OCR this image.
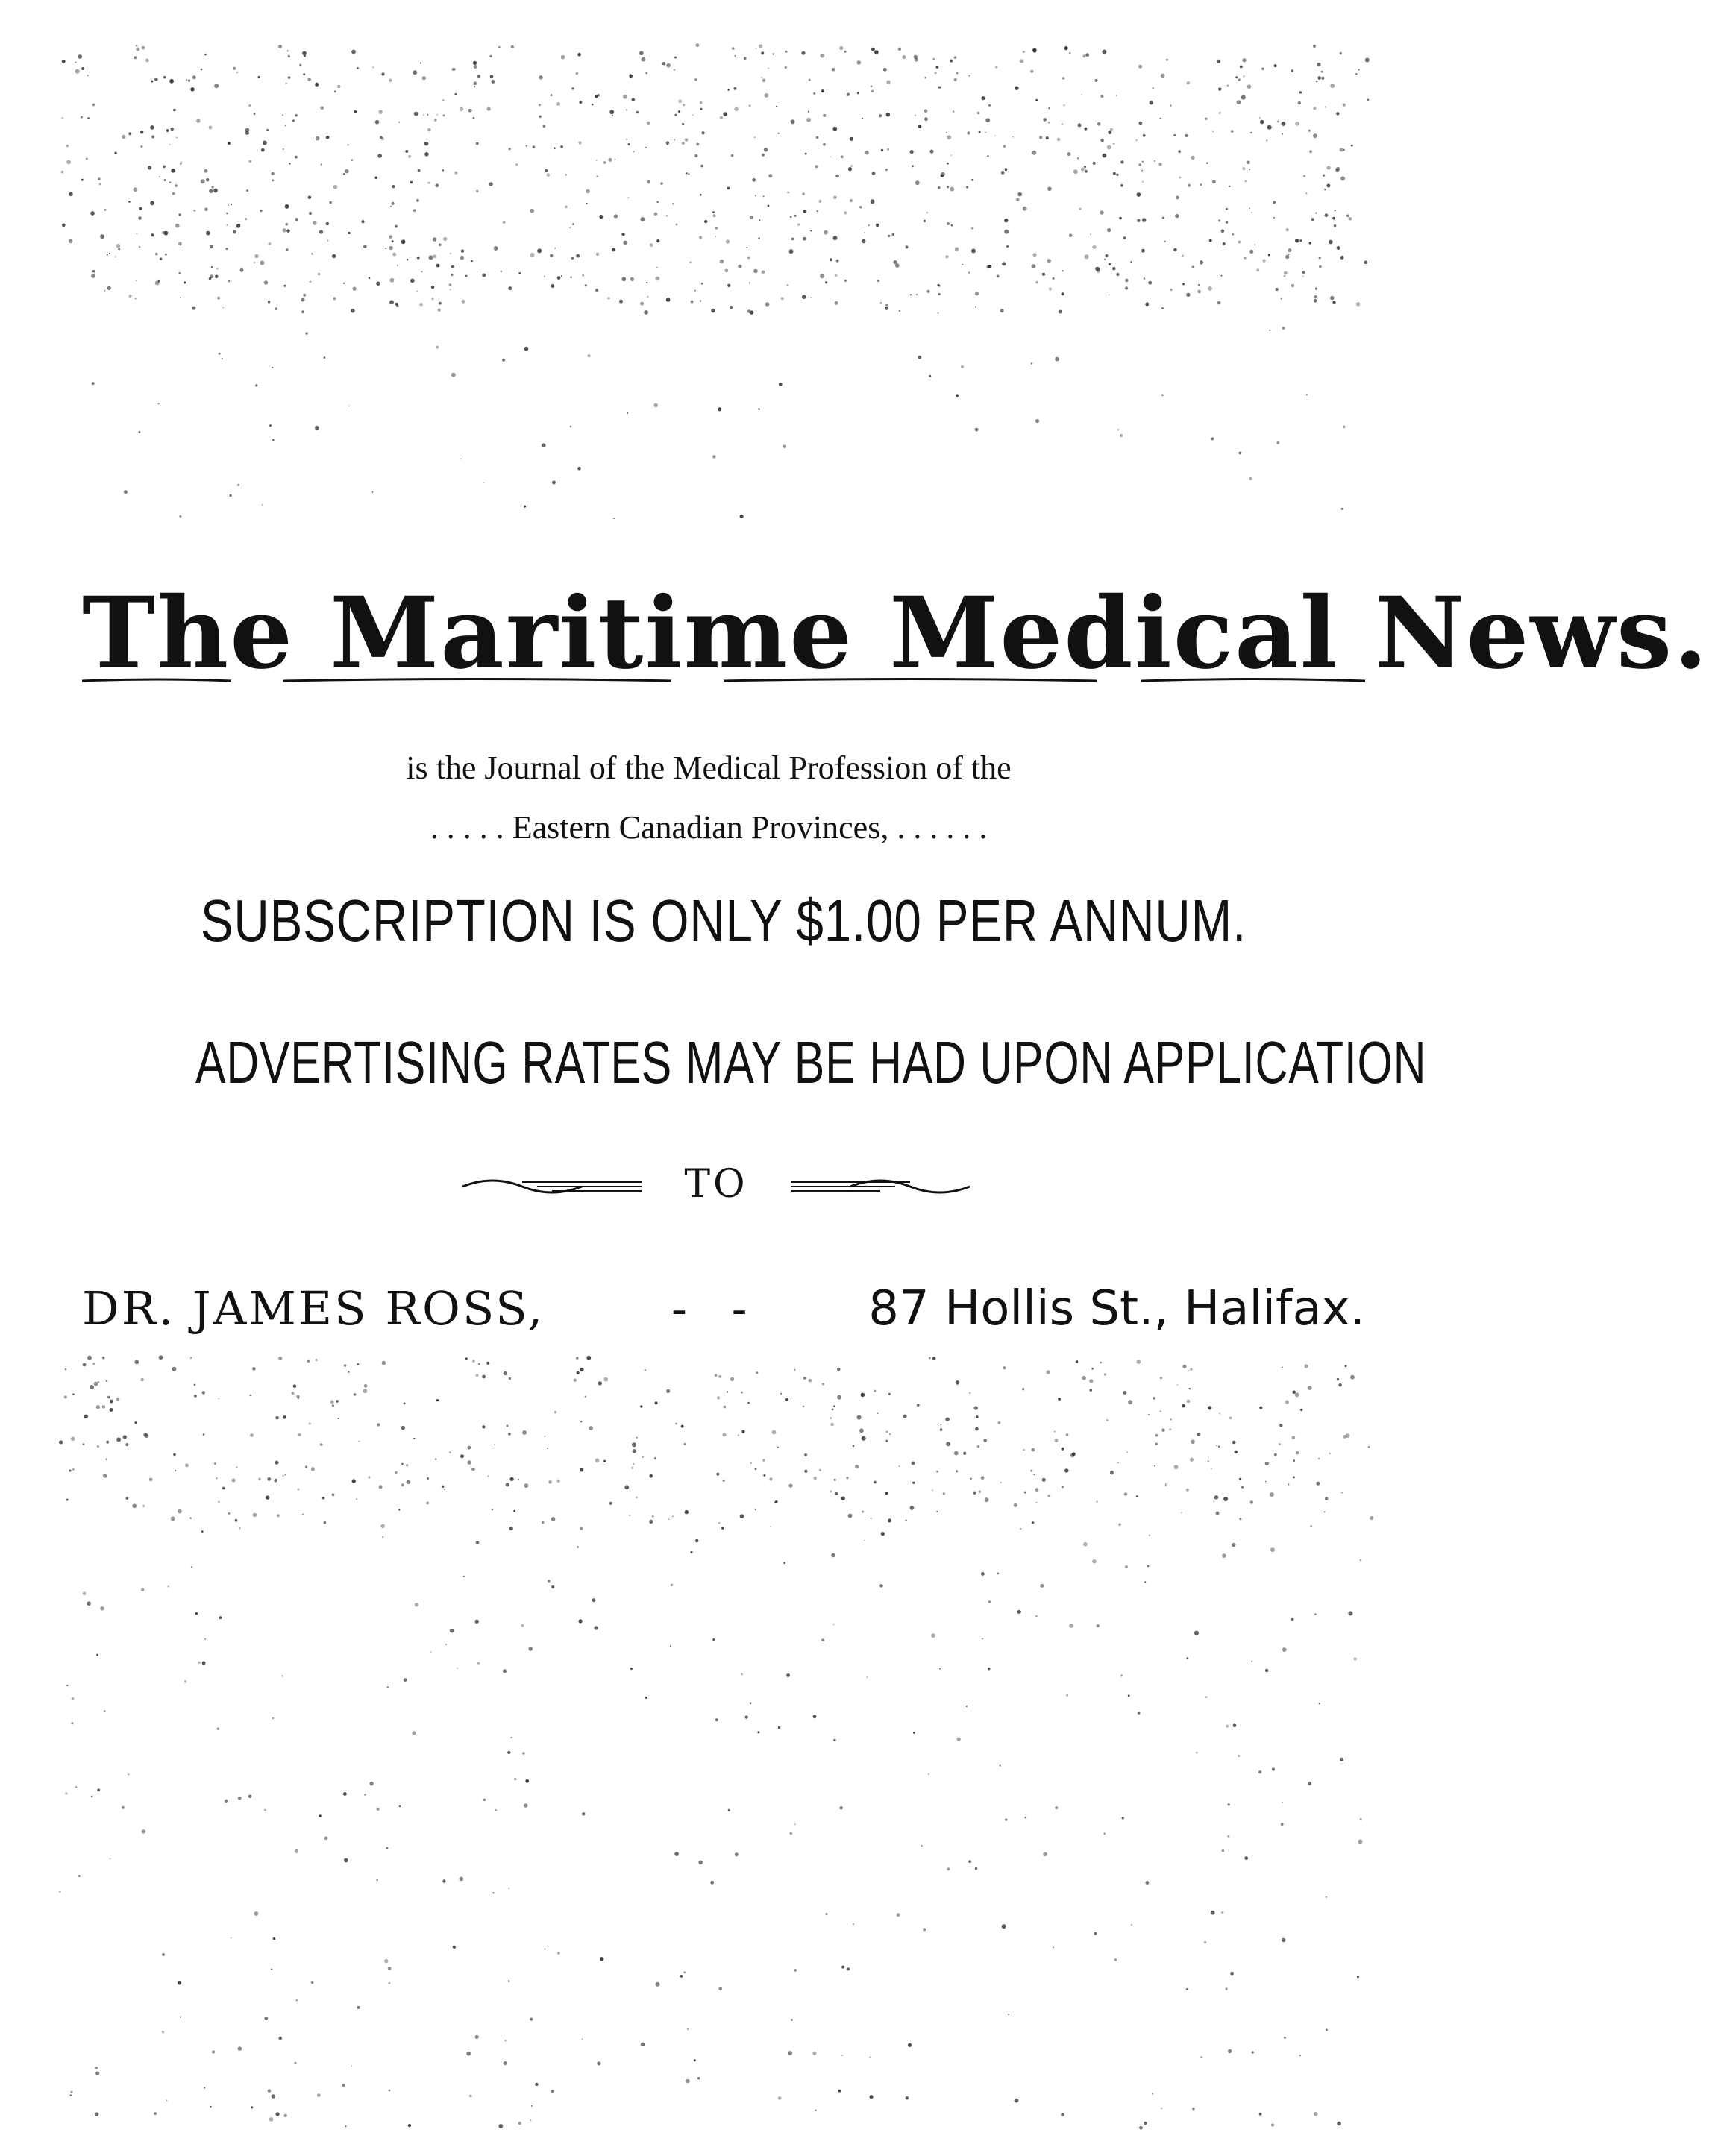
The Maritime Medical News.
is the Journal of the Medical Profession of the
. . . . . Eastern Canadian Provinces, . . . . . .
SUBSCRIPTION IS ONLY $1.00 PER ANNUM.
ADVERTISING RATES MAY BE HAD UPON APPLICATION
TO
DR. JAMES ROSS,	- - 87 Hollis St., Halifax.
